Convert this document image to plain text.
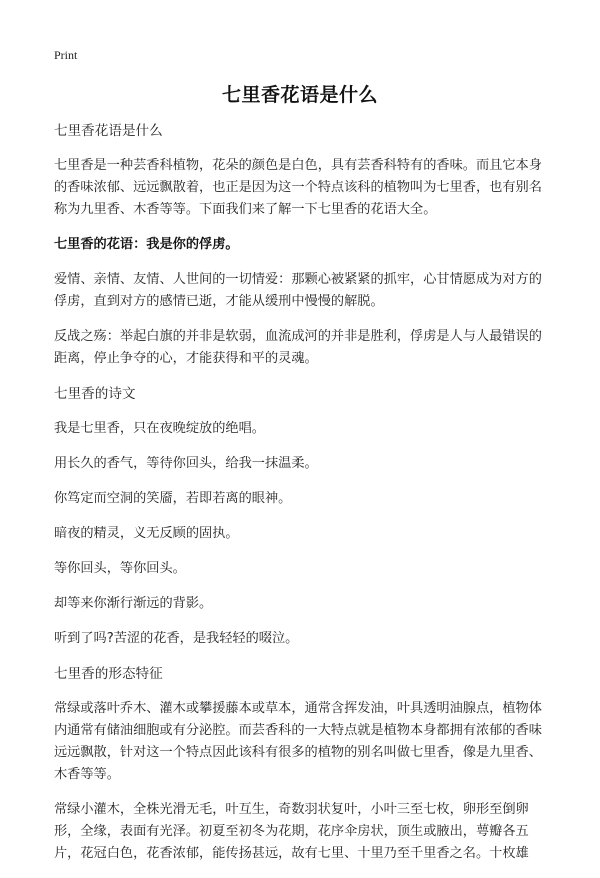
Print
七里香花语是什么

七里香花语是什么

七里香是一种芸香科植物，花朵的颜色是白色，具有芸香科特有的香味。而且它本身的香味浓郁、远远飘散着，也正是因为这一个特点该科的植物叫为七里香，也有别名称为九里香、木香等等。下面我们来了解一下七里香的花语大全。

七里香的花语：我是你的俘虏。

爱情、亲情、友情、人世间的一切情爱：那颗心被紧紧的抓牢，心甘情愿成为对方的俘虏，直到对方的感情已逝，才能从缓刑中慢慢的解脱。

反战之殇：举起白旗的并非是软弱，血流成河的并非是胜利，俘虏是人与人最错误的距离，停止争夺的心，才能获得和平的灵魂。

七里香的诗文

我是七里香，只在夜晚绽放的绝唱。

用长久的香气，等待你回头，给我一抹温柔。

你笃定而空洞的笑靥，若即若离的眼神。

暗夜的精灵，义无反顾的固执。

等你回头，等你回头。

却等来你渐行渐远的背影。

听到了吗?苦涩的花香，是我轻轻的啜泣。

七里香的形态特征

常绿或落叶乔木、灌木或攀援藤本或草本，通常含挥发油，叶具透明油腺点，植物体内通常有储油细胞或有分泌腔。而芸香科的一大特点就是植物本身都拥有浓郁的香味远远飘散，针对这一个特点因此该科有很多的植物的别名叫做七里香，像是九里香、木香等等。

常绿小灌木，全株光滑无毛，叶互生，奇数羽状复叶，小叶三至七枚，卵形至倒卵形，全缘，表面有光泽。初夏至初冬为花期，花序伞房状，顶生或腋出，萼瓣各五片，花冠白色，花香浓郁，能传扬甚远，故有七里、十里乃至千里香之名。十枚雄
